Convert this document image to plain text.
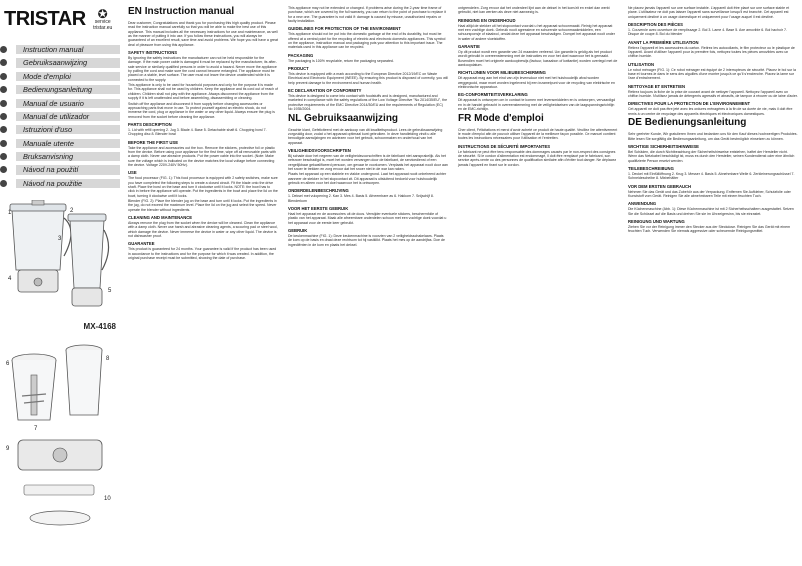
TRISTAR ✪
service
tristar.eu
Instruction manual
Gebruiksaanwijzing
Mode d'emploi
Bedienungsanleitung
Manual de usuario
Manual de utilizador
Istruzioni d'uso
Manuale utente
Bruksanvisning
Návod na použití
Návod na použitie
1	2
3
4
5
6
7
8
9
10
MX-4168
EN Instruction manual

Dear customer, Congratulations and thank you for purchasing this high quality product. Please read the instruction manual carefully so that you will be able to make the best use of this appliance. This manual includes all the necessary instructions for use and maintenance, as well as the manner of putting it into use. If you follow these instructions, you will always be guaranteed of an excellent result, save time and avoid problems. We hope you will have a great deal of pleasure from using this appliance.

SAFETY INSTRUCTIONS

By ignoring the safety instructions the manufacturer can not be held responsible for the damage. If the main power cable is damaged it must be replaced by the manufacturer, its after-sale service or similarly qualified persons in order to avoid a hazard. Never move the appliance by pulling the cord and make sure the cord cannot become entangled. The appliance must be placed on a stable, level surface. The user must not leave the device unattended while it is connected to the supply.

This appliance is only to be used for household purposes and only for the purpose it is made for. This appliance shall not be used by children. Keep the appliance and its cord out of reach of children. Children shall not play with the appliance. Always disconnect the appliance from the supply if it is left unattended and before assembling, disassembling or cleaning.

Switch off the appliance and disconnect it from supply before changing accessories or approaching parts that move in use. To protect yourself against an electric shock, do not immerse the cord, plug or appliance in the water or any other liquid. Always ensure the plug is removed from the socket before cleaning the appliance.

PARTS DESCRIPTION

1. Lid with refill opening 2. Jug 3. Blade 4. Base 5. Detachable shaft 6. Chopping bowl 7. Chopping disc 8. Blender bowl

BEFORE THE FIRST USE

Take the appliance and accessories out the box. Remove the stickers, protective foil or plastic from the device. Before using your appliance for the first time, wipe off all removable parts with a damp cloth. Never use abrasive products. Put the power cable into the socket. (Note: Make sure the voltage which is indicated on the device matches the local voltage before connecting the device. Voltage 220V-240V 50Hz).

USE

The food processor (FIG. 1): This food processor is equipped with 2 safety switches, make sure you have completed the following steps to create a closed circuit. Fit the blade onto the drive shaft. Place the bowl on the base and turn it clockwise until it locks. NOTE: the bowl has to click in before the appliance will operate. Put the ingredients in the bowl and place the lid on the bowl, turning it clockwise until it locks.

Blender (FIG. 2): Place the blender jug on the base and turn until it locks. Put the ingredients in the jug, do not exceed the maximum level. Place the lid on the jug and select the speed. Never operate the blender without ingredients.

CLEANING AND MAINTENANCE

Always remove the plug from the socket when the device will be cleaned. Clean the appliance with a damp cloth. Never use harsh and abrasive cleaning agents, a scouring pad or steel wool, which damage the device. Never immerse the device in water or any other liquid. The device is not dishwasher proof.

GUARANTEE

This product is guaranteed for 24 months. Your guarantee is valid if the product has been used in accordance to the instructions and for the purpose for which it was created. In addition, the original purchase receipt must be submitted, showing the date of purchase.

This appliance may not be extended or changed. If problems arise during the 2-year time frame of purchase, which are covered by the full warranty, you can return to the point of purchase to replace it for a new one. The guarantee is not valid if: damage is caused by misuse, unauthorized repairs or faulty installation.

GUIDELINES FOR PROTECTION OF THE ENVIRONMENT

This appliance should not be put into the domestic garbage at the end of its durability, but must be offered at a central point for the recycling of electric and electronic domestic appliances. This symbol on the appliance, instruction manual and packaging puts your attention to this important issue. The materials used in this appliance can be recycled.

PACKAGING

The packaging is 100% recyclable, return the packaging separated.

PRODUCT

This device is equipped with a mark according to the European Directive 2012/19/EC on Waste Electrical and Electronic Equipment (WEEE). By ensuring this product is disposed of correctly, you will help prevent damage to the environment and human health.

EC DECLARATION OF CONFORMITY

This device is designed to come into contact with foodstuffs and is designed, manufactured and marketed in compliance with the safety regulations of the Low Voltage Directive "No 2014/35/EU", the protective requirements of the EMC Directive 2014/30/EU and the requirements of Regulation (EC) No 1935/2004.

NL Gebruiksaanwijzing

Geachte klant, Gefeliciteerd met de aankoop van dit kwaliteitsproduct. Lees de gebruiksaanwijzing zorgvuldig door, zodat u het apparaat optimaal kunt gebruiken. In deze handleiding vindt u alle benodigde aanwijzingen en adviezen voor het gebruik, schoonmaken en onderhoud van het apparaat.

VEILIGHEIDSVOORSCHRIFTEN

Bij schade door het negeren van de veiligheidsvoorschriften is de fabrikant niet aansprakelijk. Als het netsnoer beschadigd is, moet het worden vervangen door de fabrikant, de servicedienst of een vergelijkbaar gekwalificeerd persoon, om gevaar te voorkomen. Verplaats het apparaat nooit door aan het snoer te trekken en zorg ervoor dat het snoer niet in de war kan raken.

Plaats het apparaat op een stabiele en vlakke ondergrond. Laat het apparaat nooit onbeheerd achter wanneer de stekker in het stopcontact zit. Dit apparaat is uitsluitend bedoeld voor huishoudelijk gebruik en alleen voor het doel waarvoor het is ontworpen.

ONDERDELENBESCHRIJVING

1. Deksel met vulopening 2. Kan 3. Mes 4. Basis 5. Afneembare as 6. Hakkom 7. Snijschijf 8. Blenderkom

VOOR HET EERSTE GEBRUIK

Haal het apparaat en de accessoires uit de doos. Verwijder eventuele stickers, beschermfolie of plastic van het apparaat. Maak alle afneembare onderdelen schoon met een vochtige doek voordat u het apparaat voor de eerste keer gebruikt.

GEBRUIK

De keukenmachine (FIG. 1): Deze keukenmachine is voorzien van 2 veiligheidsschakelaars. Plaats de kom op de basis en draai deze rechtsom tot hij vastklikt. Plaats het mes op de aandrijfas. Doe de ingrediënten in de kom en plaats het deksel.

ontgrendelen. Zorg ervoor dat het onderdeel lijnt aan de deksel in het kom/zit en enkel dan werkt gebruikt, niet kan werken als deze niet aanwezig is.

REINIGING EN ONDERHOUD

Haal altijd de stekker uit het stopcontact voordat u het apparaat schoonmaakt. Reinig het apparaat met een vochtige doek. Gebruik nooit agressieve en schurende schoonmaakmiddelen, een schuursponsje of staalwol, omdat deze het apparaat beschadigen. Dompel het apparaat nooit onder in water of andere vloeistoffen.

GARANTIE

Op dit product wordt een garantie van 24 maanden verleend. Uw garantie is geldig als het product wordt gebruikt in overeenstemming met de instructies en voor het doel waarvoor het is gemaakt. Bovendien moet het originele aankoopbewijs (factuur, kassabon of kwitantie) worden overlegd met de aankoopdatum.

RICHTLIJNEN VOOR MILIEUBESCHERMING

Dit apparaat mag aan het eind van zijn levensduur niet met het huishoudelijk afval worden weggegooid, maar moet worden ingeleverd bij een inzamelpunt voor de recycling van elektrische en elektronische apparatuur.

EG-CONFORMITEITSVERKLARING

Dit apparaat is ontworpen om in contact te komen met levensmiddelen en is ontworpen, vervaardigd en in de handel gebracht in overeenstemming met de veiligheidseisen van de laagspanningsrichtlijn en de EMC-richtlijn.

FR Mode d'emploi

Cher client, Félicitations et merci d'avoir acheté ce produit de haute qualité. Veuillez lire attentivement le mode d'emploi afin de pouvoir utiliser l'appareil de la meilleure façon possible. Ce manuel contient toutes les instructions nécessaires pour l'utilisation et l'entretien.

INSTRUCTIONS DE SÉCURITÉ IMPORTANTES

Le fabricant ne peut être tenu responsable des dommages causés par le non-respect des consignes de sécurité. Si le cordon d'alimentation est endommagé, il doit être remplacé par le fabricant, son service après-vente ou des personnes de qualification similaire afin d'éviter tout danger. Ne déplacez jamais l'appareil en tirant sur le cordon.

Ne placez jamais l'appareil sur une surface instable. L'appareil doit être placé sur une surface stable et plane. L'utilisateur ne doit pas laisser l'appareil sans surveillance lorsqu'il est branché. Cet appareil est uniquement destiné à un usage domestique et uniquement pour l'usage auquel il est destiné.

DESCRIPTION DES PIÈCES

1. Couvercle avec ouverture de remplissage 2. Bol 3. Lame 4. Base 5. Axe amovible 6. Bol hachoir 7. Disque de coupe 8. Bol du blender

AVANT LA PREMIÈRE UTILISATION

Retirez l'appareil et les accessoires du carton. Retirez les autocollants, le film protecteur ou le plastique de l'appareil. Avant d'utiliser l'appareil pour la première fois, nettoyez toutes les pièces amovibles avec un chiffon humide.

UTILISATION

Le robot ménager (FIG. 1): Ce robot ménager est équipé de 2 interrupteurs de sécurité. Placez le bol sur la base et tournez-le dans le sens des aiguilles d'une montre jusqu'à ce qu'il s'enclenche. Placez la lame sur l'axe d'entraînement.

NETTOYAGE ET ENTRETIEN

Retirez toujours la fiche de la prise de courant avant de nettoyer l'appareil. Nettoyez l'appareil avec un chiffon humide. N'utilisez jamais de détergents agressifs et abrasifs, de tampon à récurer ou de laine d'acier.

DIRECTIVES POUR LA PROTECTION DE L'ENVIRONNEMENT

Cet appareil ne doit pas être jeté avec les ordures ménagères à la fin de sa durée de vie, mais il doit être remis à un centre de recyclage des appareils électriques et électroniques domestiques.

DE Bedienungsanleitung

Sehr geehrter Kunde, Wir gratulieren Ihnen und bedanken uns für den Kauf dieses hochwertigen Produktes. Bitte lesen Sie sorgfältig die Bedienungsanleitung, um das Gerät bestmöglich einsetzen zu können.

WICHTIGE SICHERHEITSHINWEISE

Bei Schäden, die durch Nichtbeachtung der Sicherheitshinweise entstehen, haftet der Hersteller nicht. Wenn das Netzkabel beschädigt ist, muss es durch den Hersteller, seinen Kundendienst oder eine ähnlich qualifizierte Person ersetzt werden.

TEILEBESCHREIBUNG

1. Deckel mit Einfüllöffnung 2. Krug 3. Messer 4. Basis 5. Abnehmbare Welle 6. Zerkleinerungsschüssel 7. Schneidescheibe 8. Mixbehälter

VOR DEM ERSTEN GEBRAUCH

Nehmen Sie das Gerät und das Zubehör aus der Verpackung. Entfernen Sie Aufkleber, Schutzfolie oder Kunststoff vom Gerät. Reinigen Sie alle abnehmbaren Teile mit einem feuchten Tuch.

ANWENDUNG

Die Küchenmaschine (Abb. 1): Diese Küchenmaschine ist mit 2 Sicherheitsschaltern ausgestattet. Setzen Sie die Schüssel auf die Basis und drehen Sie sie im Uhrzeigersinn, bis sie einrastet.

REINIGUNG UND WARTUNG

Ziehen Sie vor der Reinigung immer den Stecker aus der Steckdose. Reinigen Sie das Gerät mit einem feuchten Tuch. Verwenden Sie niemals aggressive oder scheuernde Reinigungsmittel.
